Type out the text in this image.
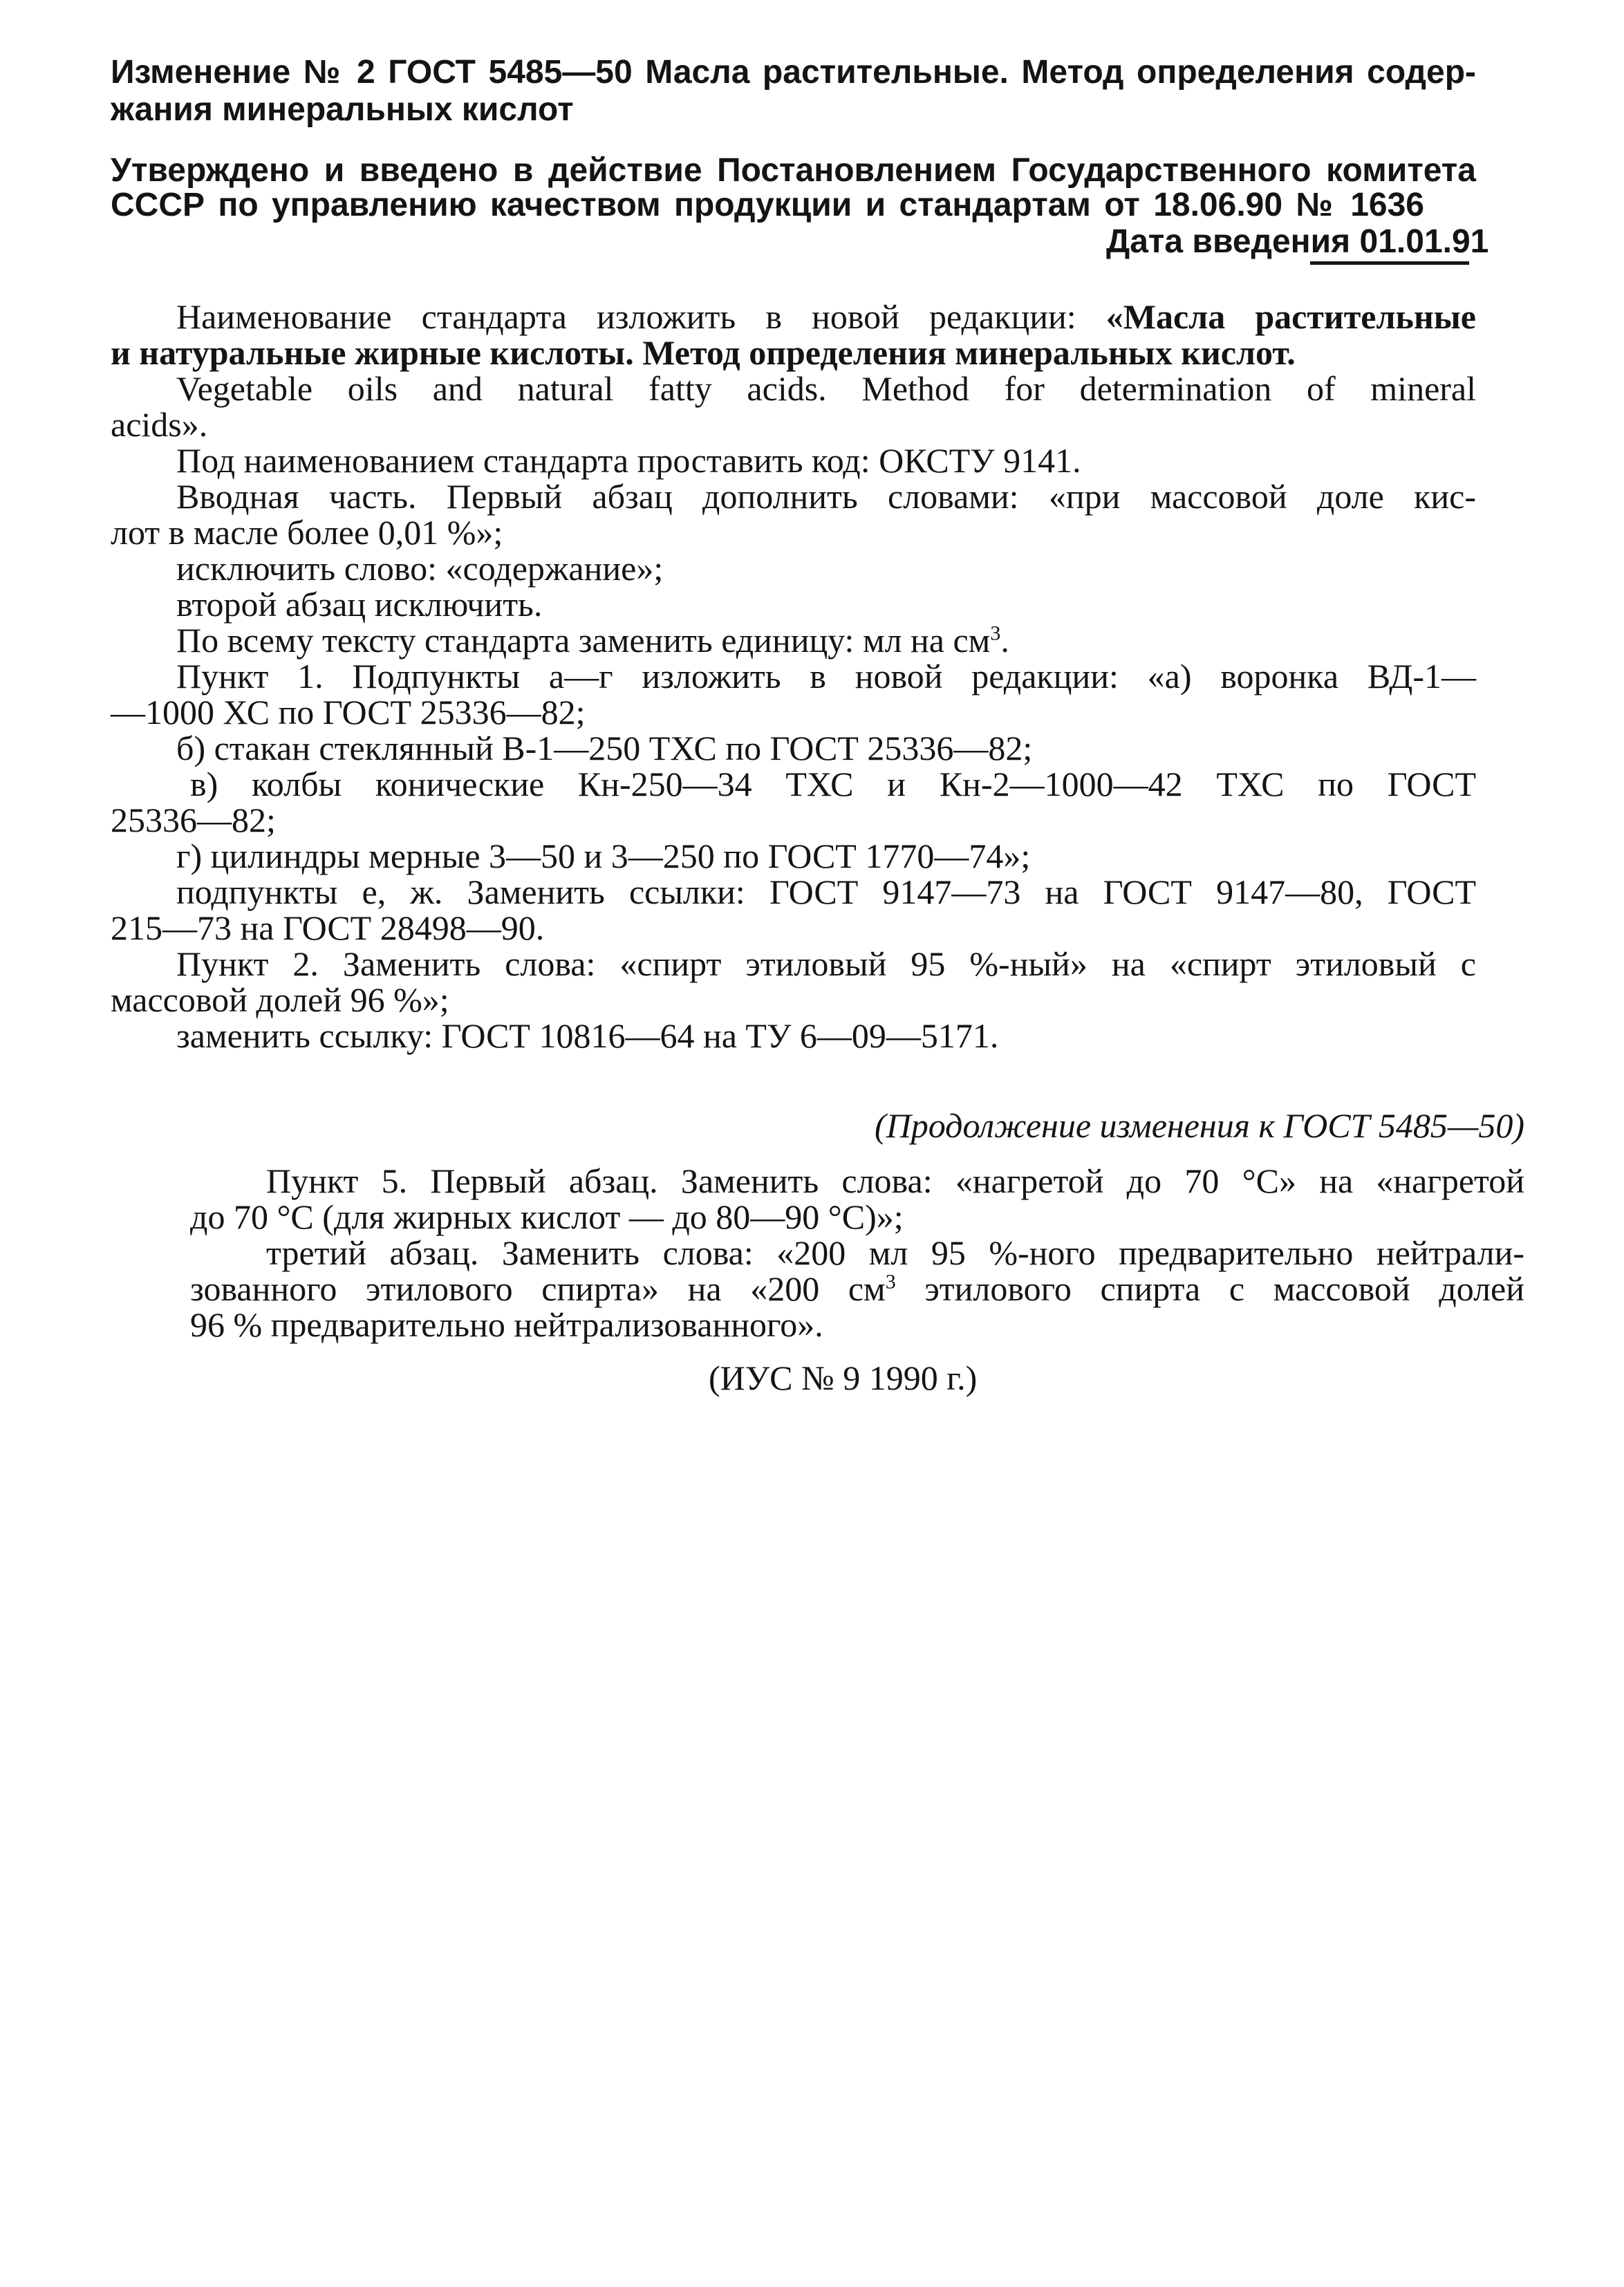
Изменение № 2 ГОСТ 5485—50 Масла растительные. Метод определения содер-
жания минеральных кислот
Утверждено и введено в действие Постановлением Государственного комитета
СССР по управлению качеством продукции и стандартам от 18.06.90 № 1636
Дата введения 01.01.91
Наименование стандарта изложить в новой редакции: «Масла растительные
и натуральные жирные кислоты. Метод определения минеральных кислот.
Vegetable oils and natural fatty acids. Method for determination of mineral
acids».
Под наименованием стандарта проставить код: ОКСТУ 9141.
Вводная часть. Первый абзац дополнить словами: «при массовой доле кис-
лот в масле более 0,01 %»;
исключить слово: «содержание»;
второй абзац исключить.
По всему тексту стандарта заменить единицу: мл на $см^3$.
Пункт 1. Подпункты а—г изложить в новой редакции: «а) воронка ВД-1—
—1000 ХС по ГОСТ 25336—82;
б) стакан стеклянный В-1—250 ТХС по ГОСТ 25336—82;
в) колбы конические Кн-250—34 ТХС и Кн-2—1000—42 ТХС по ГОСТ
25336—82;
г) цилиндры мерные 3—50 и 3—250 по ГОСТ 1770—74»;
подпункты е, ж. Заменить ссылки: ГОСТ 9147—73 на ГОСТ 9147—80, ГОСТ
215—73 на ГОСТ 28498—90.
Пункт 2. Заменить слова: «спирт этиловый 95 %-ный» на «спирт этиловый с
массовой долей 96 %»;
заменить ссылку: ГОСТ 10816—64 на ТУ 6—09—5171.
(Продолжение изменения к ГОСТ 5485—50)
Пункт 5. Первый абзац. Заменить слова: «нагретой до 70 °С» на «нагретой
до 70 °С (для жирных кислот — до 80—90 °С)»;
третий абзац. Заменить слова: «200 мл 95 %-ного предварительно нейтрали-
зованного этилового спирта» на «200 $см^3$ этилового спирта с массовой долей
96 % предварительно нейтрализованного».
(ИУС № 9 1990 г.)
